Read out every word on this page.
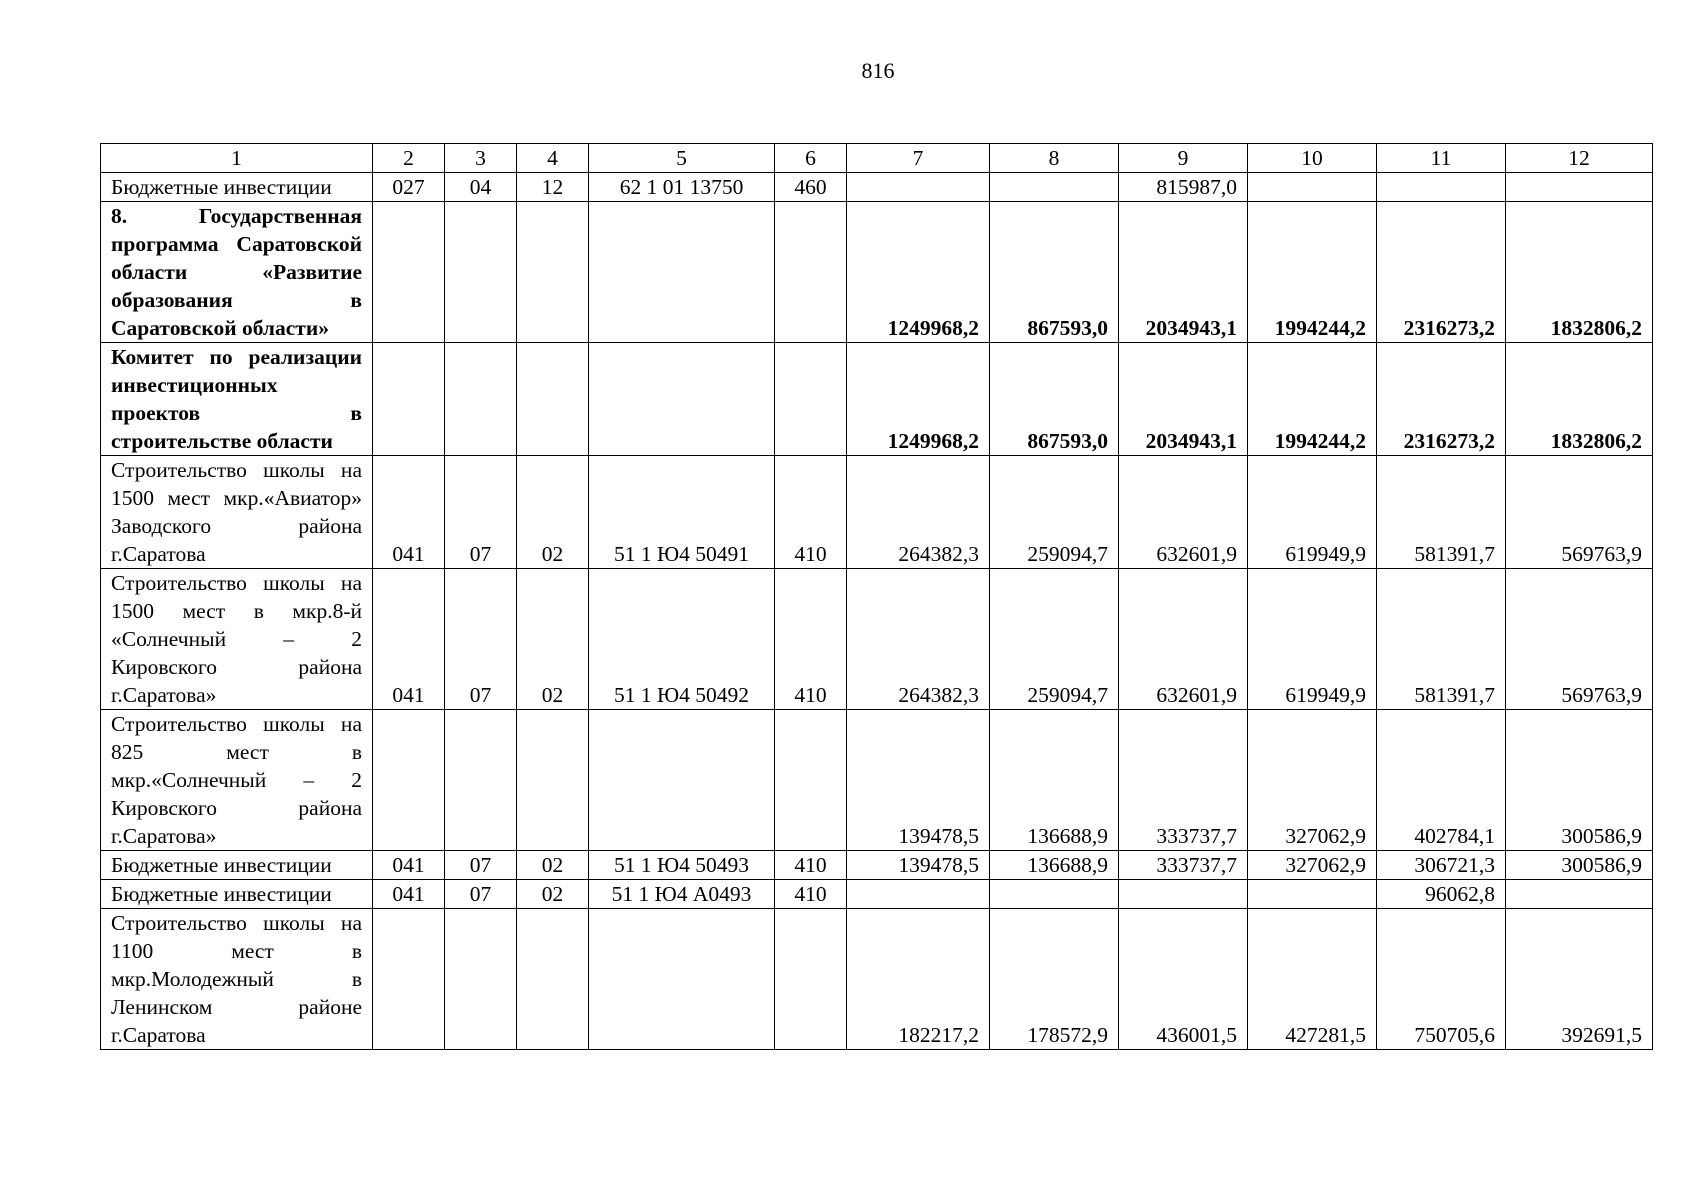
816
1	2	3	4	5	6	7	8	9	10	11	12
Бюджетные инвестиции	027	04	12	62 1 01 13750	460			815987,0			
8. Государственная программа Саратовской области «Развитие образования в Саратовской области»						1249968,2	867593,0	2034943,1	1994244,2	2316273,2	1832806,2
Комитет по реализации инвестиционных проектов в строительстве области						1249968,2	867593,0	2034943,1	1994244,2	2316273,2	1832806,2
Строительство школы на 1500 мест мкр.«Авиатор» Заводского района г.Саратова	041	07	02	51 1 Ю4 50491	410	264382,3	259094,7	632601,9	619949,9	581391,7	569763,9
Строительство школы на 1500 мест в мкр.8-й «Солнечный – 2 Кировского района г.Саратова»	041	07	02	51 1 Ю4 50492	410	264382,3	259094,7	632601,9	619949,9	581391,7	569763,9
Строительство школы на 825 мест в мкр.«Солнечный – 2 Кировского района г.Саратова»						139478,5	136688,9	333737,7	327062,9	402784,1	300586,9
Бюджетные инвестиции	041	07	02	51 1 Ю4 50493	410	139478,5	136688,9	333737,7	327062,9	306721,3	300586,9
Бюджетные инвестиции	041	07	02	51 1 Ю4 А0493	410					96062,8	
Строительство школы на 1100 мест в мкр.Молодежный в Ленинском районе г.Саратова						182217,2	178572,9	436001,5	427281,5	750705,6	392691,5
